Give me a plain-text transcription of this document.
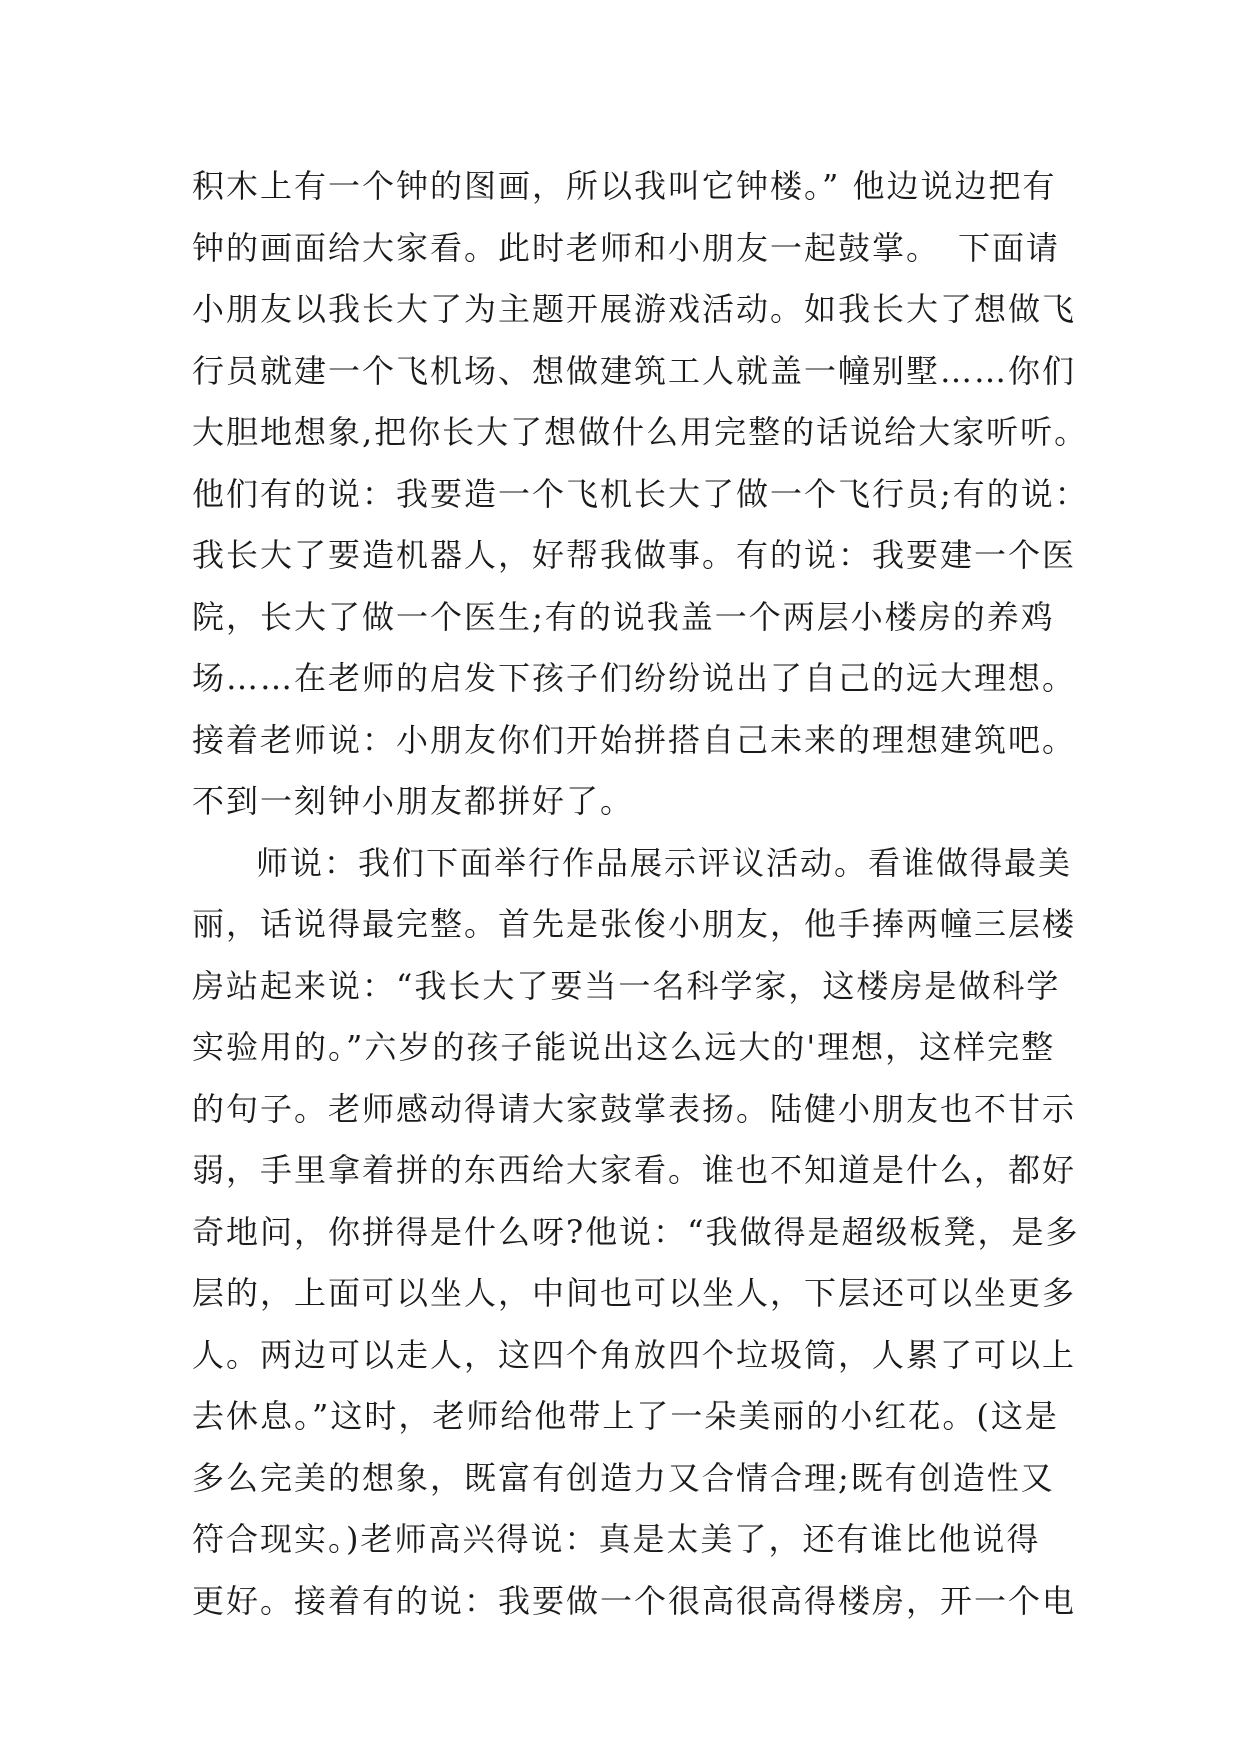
积木上有一个钟的图画，所以我叫它钟楼。” 他边说边把有
钟的画面给大家看。此时老师和小朋友一起鼓掌。　下面请
小朋友以我长大了为主题开展游戏活动。如我长大了想做飞
行员就建一个飞机场、想做建筑工人就盖一幢别墅……你们
大胆地想象,把你长大了想做什么用完整的话说给大家听听。
他们有的说：我要造一个飞机长大了做一个飞行员;有的说：
我长大了要造机器人，好帮我做事。有的说：我要建一个医
院，长大了做一个医生;有的说我盖一个两层小楼房的养鸡
场……在老师的启发下孩子们纷纷说出了自己的远大理想。
接着老师说：小朋友你们开始拼搭自己未来的理想建筑吧。
不到一刻钟小朋友都拼好了。
师说：我们下面举行作品展示评议活动。看谁做得最美
丽，话说得最完整。首先是张俊小朋友，他手捧两幢三层楼
房站起来说：“我长大了要当一名科学家，这楼房是做科学
实验用的。”六岁的孩子能说出这么远大的'理想，这样完整
的句子。老师感动得请大家鼓掌表扬。陆健小朋友也不甘示
弱，手里拿着拼的东西给大家看。谁也不知道是什么，都好
奇地问，你拼得是什么呀?他说：“我做得是超级板凳，是多
层的，上面可以坐人，中间也可以坐人，下层还可以坐更多
人。两边可以走人，这四个角放四个垃圾筒，人累了可以上
去休息。”这时，老师给他带上了一朵美丽的小红花。(这是
多么完美的想象，既富有创造力又合情合理;既有创造性又
符合现实。)老师高兴得说：真是太美了，还有谁比他说得
更好。接着有的说：我要做一个很高很高得楼房，开一个电
